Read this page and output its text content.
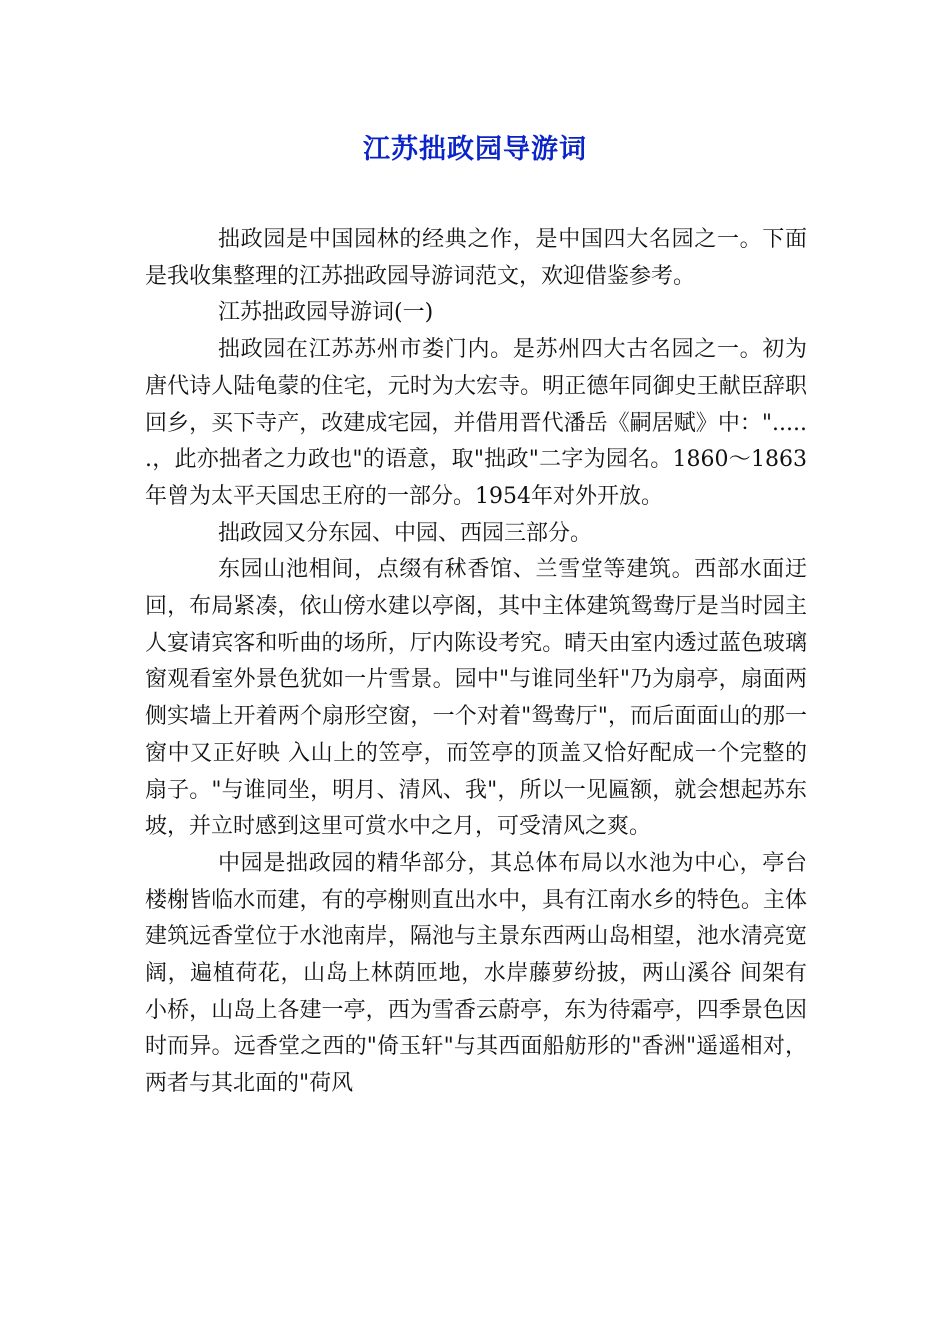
江苏拙政园导游词

拙政园是中国园林的经典之作，是中国四大名园之一。下面是我收集整理的江苏拙政园导游词范文，欢迎借鉴参考。

江苏拙政园导游词(一)

拙政园在江苏苏州市娄门内。是苏州四大古名园之一。初为唐代诗人陆龟蒙的住宅，元时为大宏寺。明正德年同御史王献臣辞职回乡，买下寺产，改建成宅园，并借用晋代潘岳《嗣居赋》中："......，此亦拙者之力政也"的语意，取"拙政"二字为园名。1860～1863年曾为太平天国忠王府的一部分。1954年对外开放。

拙政园又分东园、中园、西园三部分。

东园山池相间，点缀有秫香馆、兰雪堂等建筑。西部水面迂回，布局紧凑，依山傍水建以亭阁，其中主体建筑鸳鸯厅是当时园主人宴请宾客和听曲的场所，厅内陈设考究。晴天由室内透过蓝色玻璃窗观看室外景色犹如一片雪景。园中"与谁同坐轩"乃为扇亭，扇面两侧实墙上开着两个扇形空窗，一个对着"鸳鸯厅"，而后面面山的那一窗中又正好映 入山上的笠亭，而笠亭的顶盖又恰好配成一个完整的扇子。"与谁同坐，明月、清风、我"，所以一见匾额，就会想起苏东坡，并立时感到这里可赏水中之月，可受清风之爽。

中园是拙政园的精华部分，其总体布局以水池为中心，亭台楼榭皆临水而建，有的亭榭则直出水中，具有江南水乡的特色。主体建筑远香堂位于水池南岸，隔池与主景东西两山岛相望，池水清亮宽阔，遍植荷花，山岛上林荫匝地，水岸藤萝纷披，两山溪谷 间架有小桥，山岛上各建一亭，西为雪香云蔚亭，东为待霜亭，四季景色因时而异。远香堂之西的"倚玉轩"与其西面船舫形的"香洲"遥遥相对，两者与其北面的"荷风
